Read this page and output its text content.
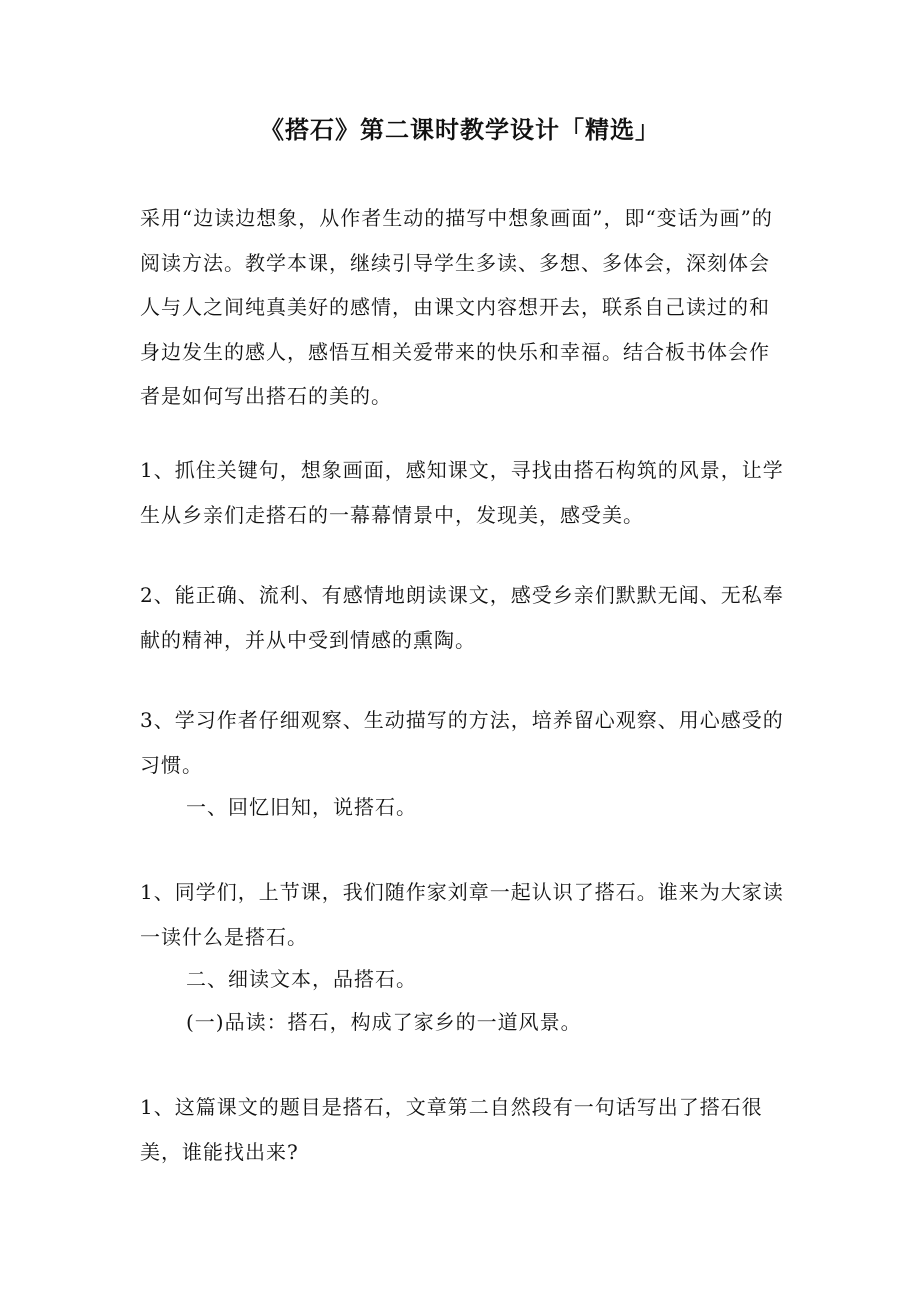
《搭石》第二课时教学设计「精选」

采用“边读边想象，从作者生动的描写中想象画面”，即“变话为画”的阅读方法。教学本课，继续引导学生多读、多想、多体会，深刻体会人与人之间纯真美好的感情，由课文内容想开去，联系自己读过的和身边发生的感人，感悟互相关爱带来的快乐和幸福。结合板书体会作者是如何写出搭石的美的。

1、抓住关键句，想象画面，感知课文，寻找由搭石构筑的风景，让学生从乡亲们走搭石的一幕幕情景中，发现美，感受美。

2、能正确、流利、有感情地朗读课文，感受乡亲们默默无闻、无私奉献的精神，并从中受到情感的熏陶。

3、学习作者仔细观察、生动描写的方法，培养留心观察、用心感受的习惯。

一、回忆旧知，说搭石。

1、同学们，上节课，我们随作家刘章一起认识了搭石。谁来为大家读一读什么是搭石。

二、细读文本，品搭石。

(一)品读：搭石，构成了家乡的一道风景。

1、这篇课文的题目是搭石，文章第二自然段有一句话写出了搭石很美，谁能找出来?
